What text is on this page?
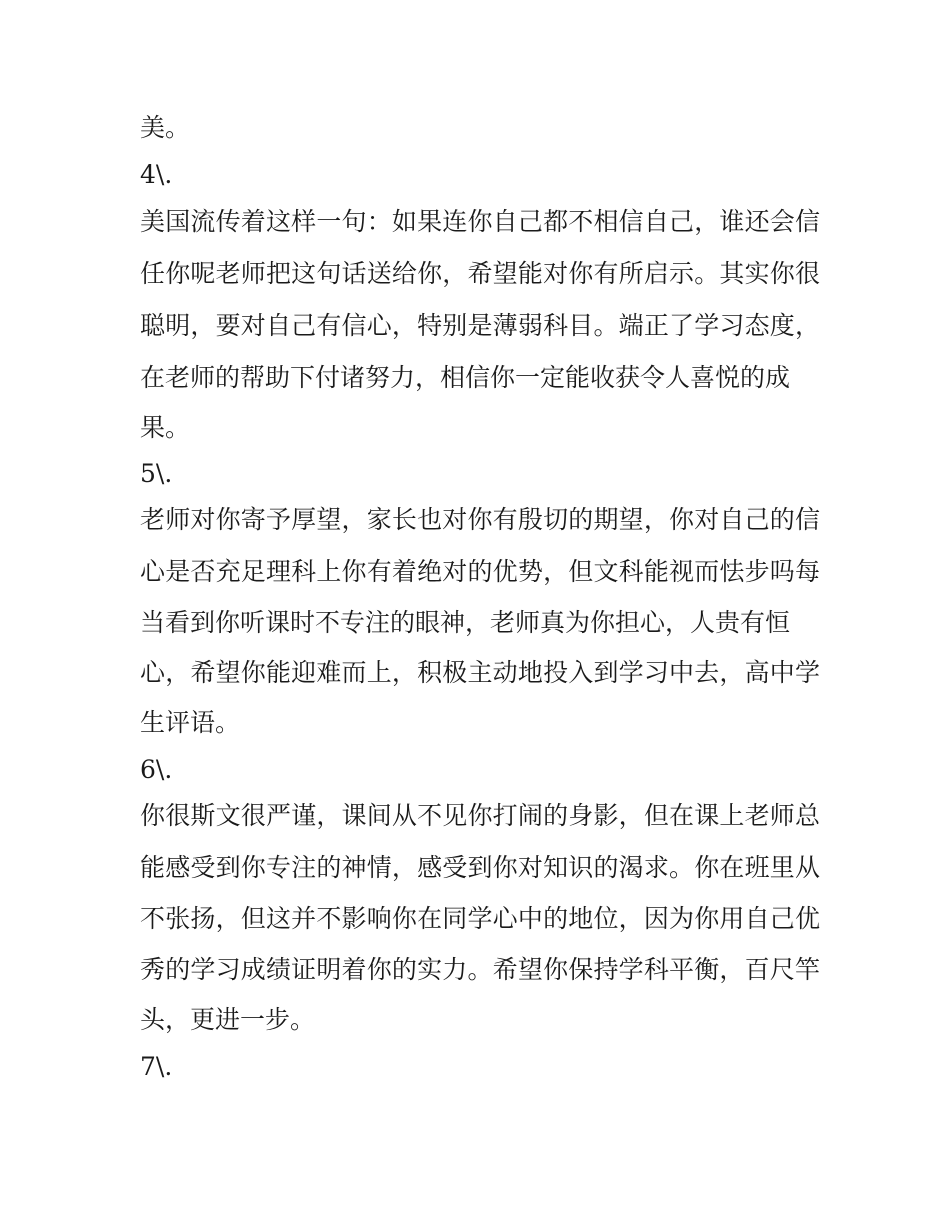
美。
4\.
美国流传着这样一句：如果连你自己都不相信自己，谁还会信
任你呢老师把这句话送给你，希望能对你有所启示。其实你很
聪明，要对自己有信心，特别是薄弱科目。端正了学习态度，
在老师的帮助下付诸努力，相信你一定能收获令人喜悦的成
果。
5\.
老师对你寄予厚望，家长也对你有殷切的期望，你对自己的信
心是否充足理科上你有着绝对的优势，但文科能视而怯步吗每
当看到你听课时不专注的眼神，老师真为你担心，人贵有恒
心，希望你能迎难而上，积极主动地投入到学习中去，高中学
生评语。
6\.
你很斯文很严谨，课间从不见你打闹的身影，但在课上老师总
能感受到你专注的神情，感受到你对知识的渴求。你在班里从
不张扬，但这并不影响你在同学心中的地位，因为你用自己优
秀的学习成绩证明着你的实力。希望你保持学科平衡，百尺竿
头，更进一步。
7\.
